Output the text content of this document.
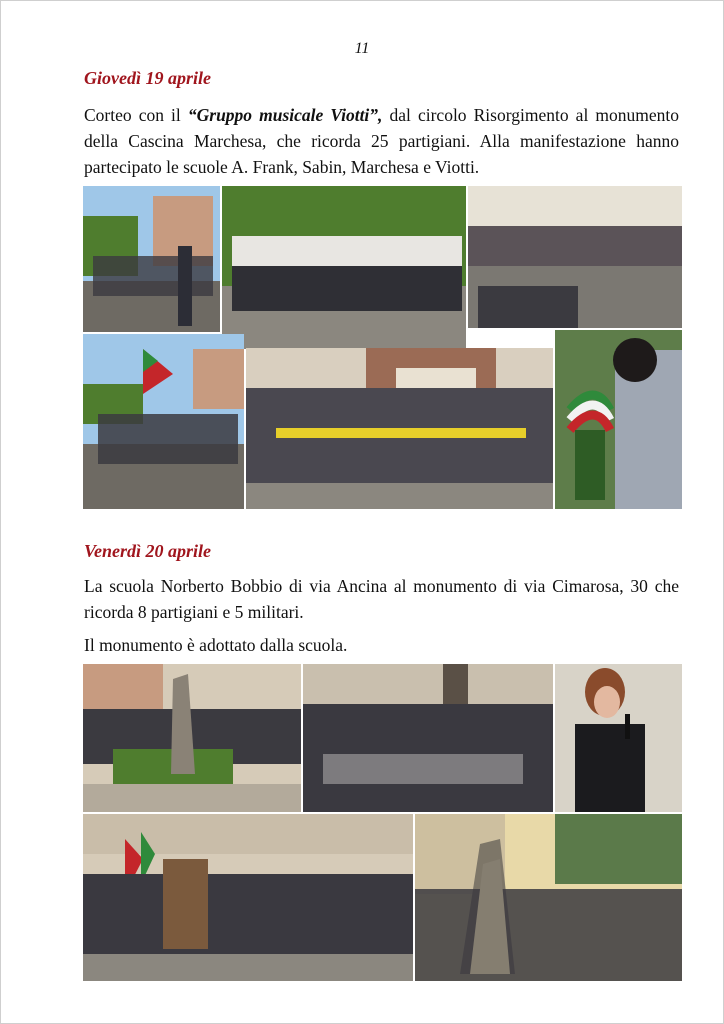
11
Giovedì 19 aprile
Corteo con il “Gruppo musicale Viotti”, dal circolo Risorgimento al monumento della Cascina Marchesa, che ricorda 25 partigiani. Alla manifestazione hanno partecipato le scuole A. Frank, Sabin, Marchesa e Viotti.
Venerdì 20 aprile
La scuola Norberto Bobbio di via Ancina al monumento di via Cimarosa, 30 che ricorda 8 partigiani e 5 militari.
Il monumento è adottato dalla scuola.
